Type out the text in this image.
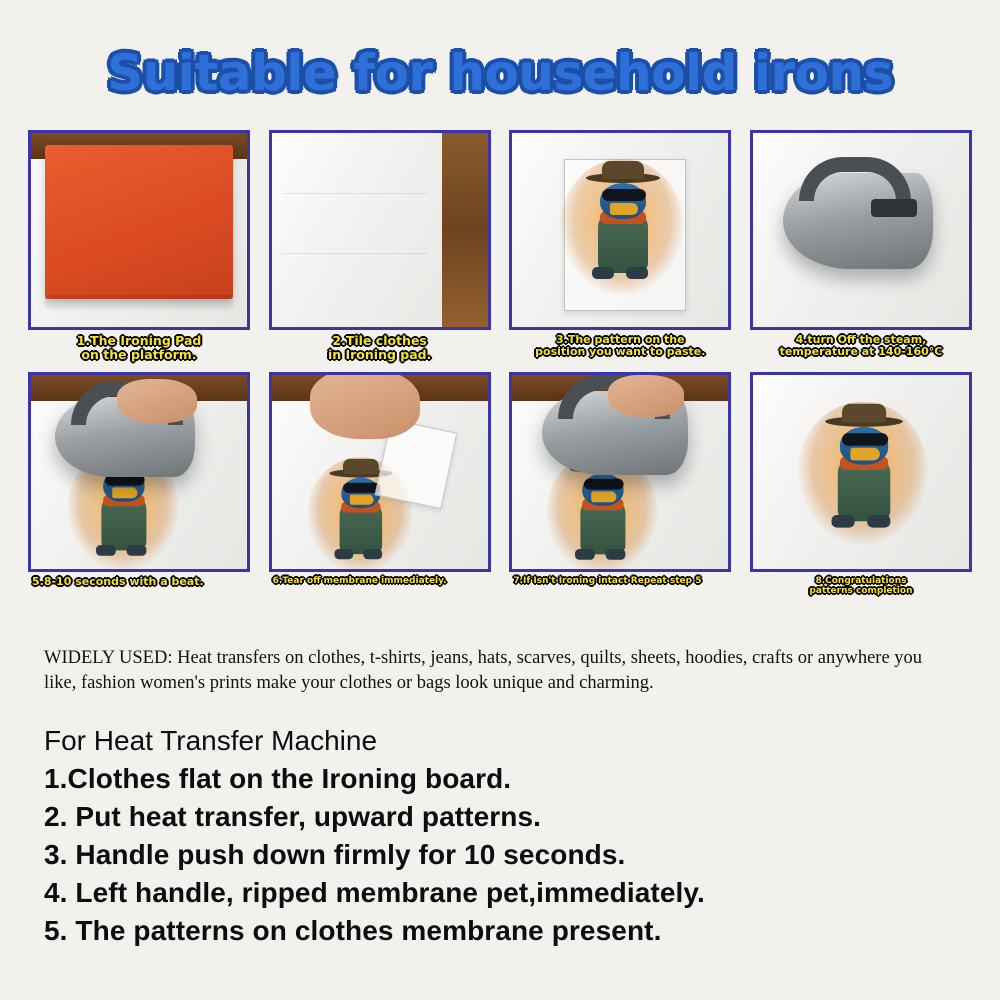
Suitable for household irons
1.The Ironing Pad
on the platform.
2.Tile clothes
in Ironing pad.
3.The pattern on the
position you want to paste.
4.turn Off the steam,
temperature at 140-160°C
5.8-10 seconds with a beat.	6.Tear off membrane immediately.	7.If Isn't Ironing intact Repeat step 5	8.Congratulations
patterns completion
WIDELY USED: Heat transfers on clothes, t-shirts, jeans, hats, scarves, quilts, sheets, hoodies, crafts or anywhere you like, fashion women's prints make your clothes or bags look unique and charming.
For Heat Transfer Machine
1.Clothes flat on the Ironing board.
2. Put heat transfer, upward patterns.
3. Handle push down firmly for 10 seconds.
4. Left handle, ripped membrane pet,immediately.
5. The patterns on clothes membrane present.
